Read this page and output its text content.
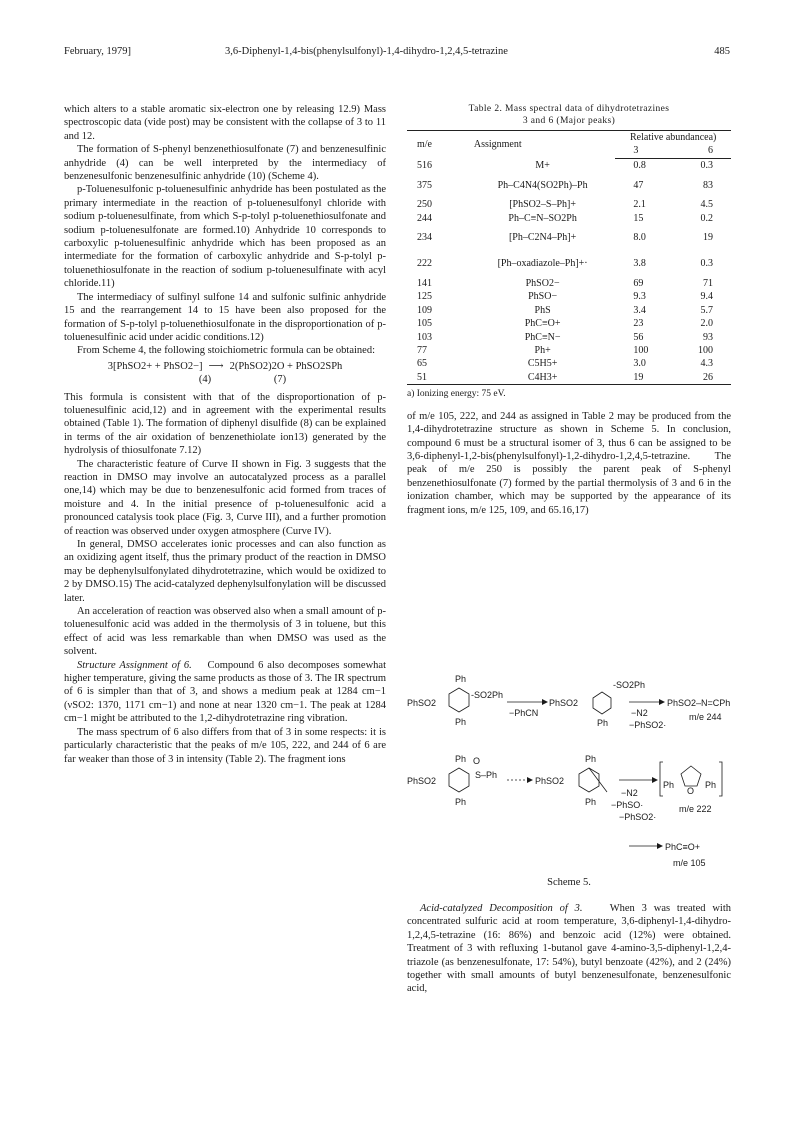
February, 1979]	3,6-Diphenyl-1,4-bis(phenylsulfonyl)-1,4-dihydro-1,2,4,5-tetrazine	485

which alters to a stable aromatic six-electron one by releasing 12.9) Mass spectroscopic data (vide post) may be consistent with the collapse of 3 to 11 and 12.

The formation of S-phenyl benzenethiosulfonate (7) and benzenesulfinic anhydride (4) can be well interpreted by the intermediacy of benzenesulfonic benzenesulfinic anhydride (10) (Scheme 4).

p-Toluenesulfonic p-toluenesulfinic anhydride has been postulated as the primary intermediate in the reaction of p-toluenesulfonyl chloride with sodium p-toluenesulfinate, from which S-p-tolyl p-toluenethiosulfonate and sodium p-toluenesulfonate are formed.10) Anhydride 10 corresponds to carboxylic p-toluenesulfinic anhydride which has been proposed as an intermediate for the formation of carboxylic anhydride and S-p-tolyl p-toluenethiosulfonate in the reaction of sodium p-toluenesulfinate with acyl chloride.11)

The intermediacy of sulfinyl sulfone 14 and sulfonic sulfinic anhydride 15 and the rearrangement 14 to 15 have been also proposed for the formation of S-p-tolyl p-toluenethiosulfonate in the disproportionation of p-toluenesulfinic acid under acidic conditions.12)

From Scheme 4, the following stoichiometric formula can be obtained:

3[PhSO2+ + PhSO2−] ⟶ 2(PhSO2)2O + PhSO2SPh
(4)	(7)

This formula is consistent with that of the disproportionation of p-toluenesulfinic acid,12) and in agreement with the experimental results obtained (Table 1). The formation of diphenyl disulfide (8) can be explained in terms of the air oxidation of benzenethiolate ion13) generated by the hydrolysis of thiosulfonate 7.12)

The characteristic feature of Curve II shown in Fig. 3 suggests that the reaction in DMSO may involve an autocatalyzed process as a parallel one,14) which may be due to benzenesulfonic acid formed from traces of moisture and 4. In the initial presence of p-toluenesulfonic acid a pronounced catalysis took place (Fig. 3, Curve III), and a further promotion of reaction was observed under oxygen atmosphere (Curve IV).

In general, DMSO accelerates ionic processes and can also function as an oxidizing agent itself, thus the primary product of the reaction in DMSO may be dephenylsulfonylated dihydrotetrazine, which would be oxidized to 2 by DMSO.15) The acid-catalyzed dephenylsulfonylation will be discussed later.

An acceleration of reaction was observed also when a small amount of p-toluenesulfonic acid was added in the thermolysis of 3 in toluene, but this effect of acid was less remarkable than when DMSO was used as the solvent.

Structure Assignment of 6. Compound 6 also decomposes somewhat higher temperature, giving the same products as those of 3. The IR spectrum of 6 is simpler than that of 3, and shows a medium peak at 1284 cm−1 (νSO2: 1370, 1171 cm−1) and none at near 1320 cm−1. The peak at 1284 cm−1 might be attributed to the 1,2-dihydrotetrazine ring vibration.

The mass spectrum of 6 also differs from that of 3 in some respects: it is particularly characteristic that the peaks of m/e 105, 222, and 244 of 6 are far weaker than those of 3 in intensity (Table 2). The fragment ions

Table 2. Mass spectral data of dihydrotetrazines
3 and 6 (Major peaks)
m/e	Assignment	Relative abundancea)	
		3	6
516	M+	0.8	0.3
375	Ph–C4N4(SO2Ph)–Ph	47	83
250	[PhSO2–S–Ph]+	2.1	4.5
244	Ph–C≡N–SO2Ph	15	0.2
234	[Ph–C2N4–Ph]+	8.0	19
222	[Ph–oxadiazole–Ph]+·	3.8	0.3
141	PhSO2−	69	71
125	PhSO−	9.3	9.4
109	PhS	3.4	5.7
105	PhC≡O+	23	2.0
103	PhC≡N−	56	93
77	Ph+	100	100
65	C5H5+	3.0	4.3
51	C4H3+	19	26
a) Ionizing energy: 75 eV.

of m/e 105, 222, and 244 as assigned in Table 2 may be produced from the 1,4-dihydrotetrazine structure as shown in Scheme 5. In conclusion, compound 6 must be a structural isomer of 3, thus 6 can be assigned to be 3,6-diphenyl-1,2-bis(phenylsulfonyl)-1,2-dihydro-1,2,4,5-tetrazine. The peak of m/e 250 is possibly the parent peak of S-phenyl benzenethiosulfonate (7) formed by the partial thermolysis of 3 and 6 in the ionization chamber, which may be supported by the appearance of its fragment ions, m/e 125, 109, and 65.16,17)

Ph
-SO2Ph
PhSO2
Ph
−PhCN
PhSO2
-SO2Ph
Ph
−N2
−PhSO2·
PhSO2–N=CPh
m/e 244
Ph O
S–Ph
PhSO2
Ph
PhSO2
Ph
Ph
−N2
−PhSO·
−PhSO2·
O
Ph	Ph
m/e 222
PhC≡O+
m/e 105
Scheme 5.

Acid-catalyzed Decomposition of 3.	When 3 was treated with concentrated sulfuric acid at room temperature, 3,6-diphenyl-1,4-dihydro-1,2,4,5-tetrazine (16: 86%) and benzoic acid (12%) were obtained. Treatment of 3 with refluxing 1-butanol gave 4-amino-3,5-diphenyl-1,2,4-triazole (as benzenesulfonate, 17: 54%), butyl benzoate (42%), and 2 (24%) together with small amounts of butyl benzenesulfonate, benzenesulfonic acid,
